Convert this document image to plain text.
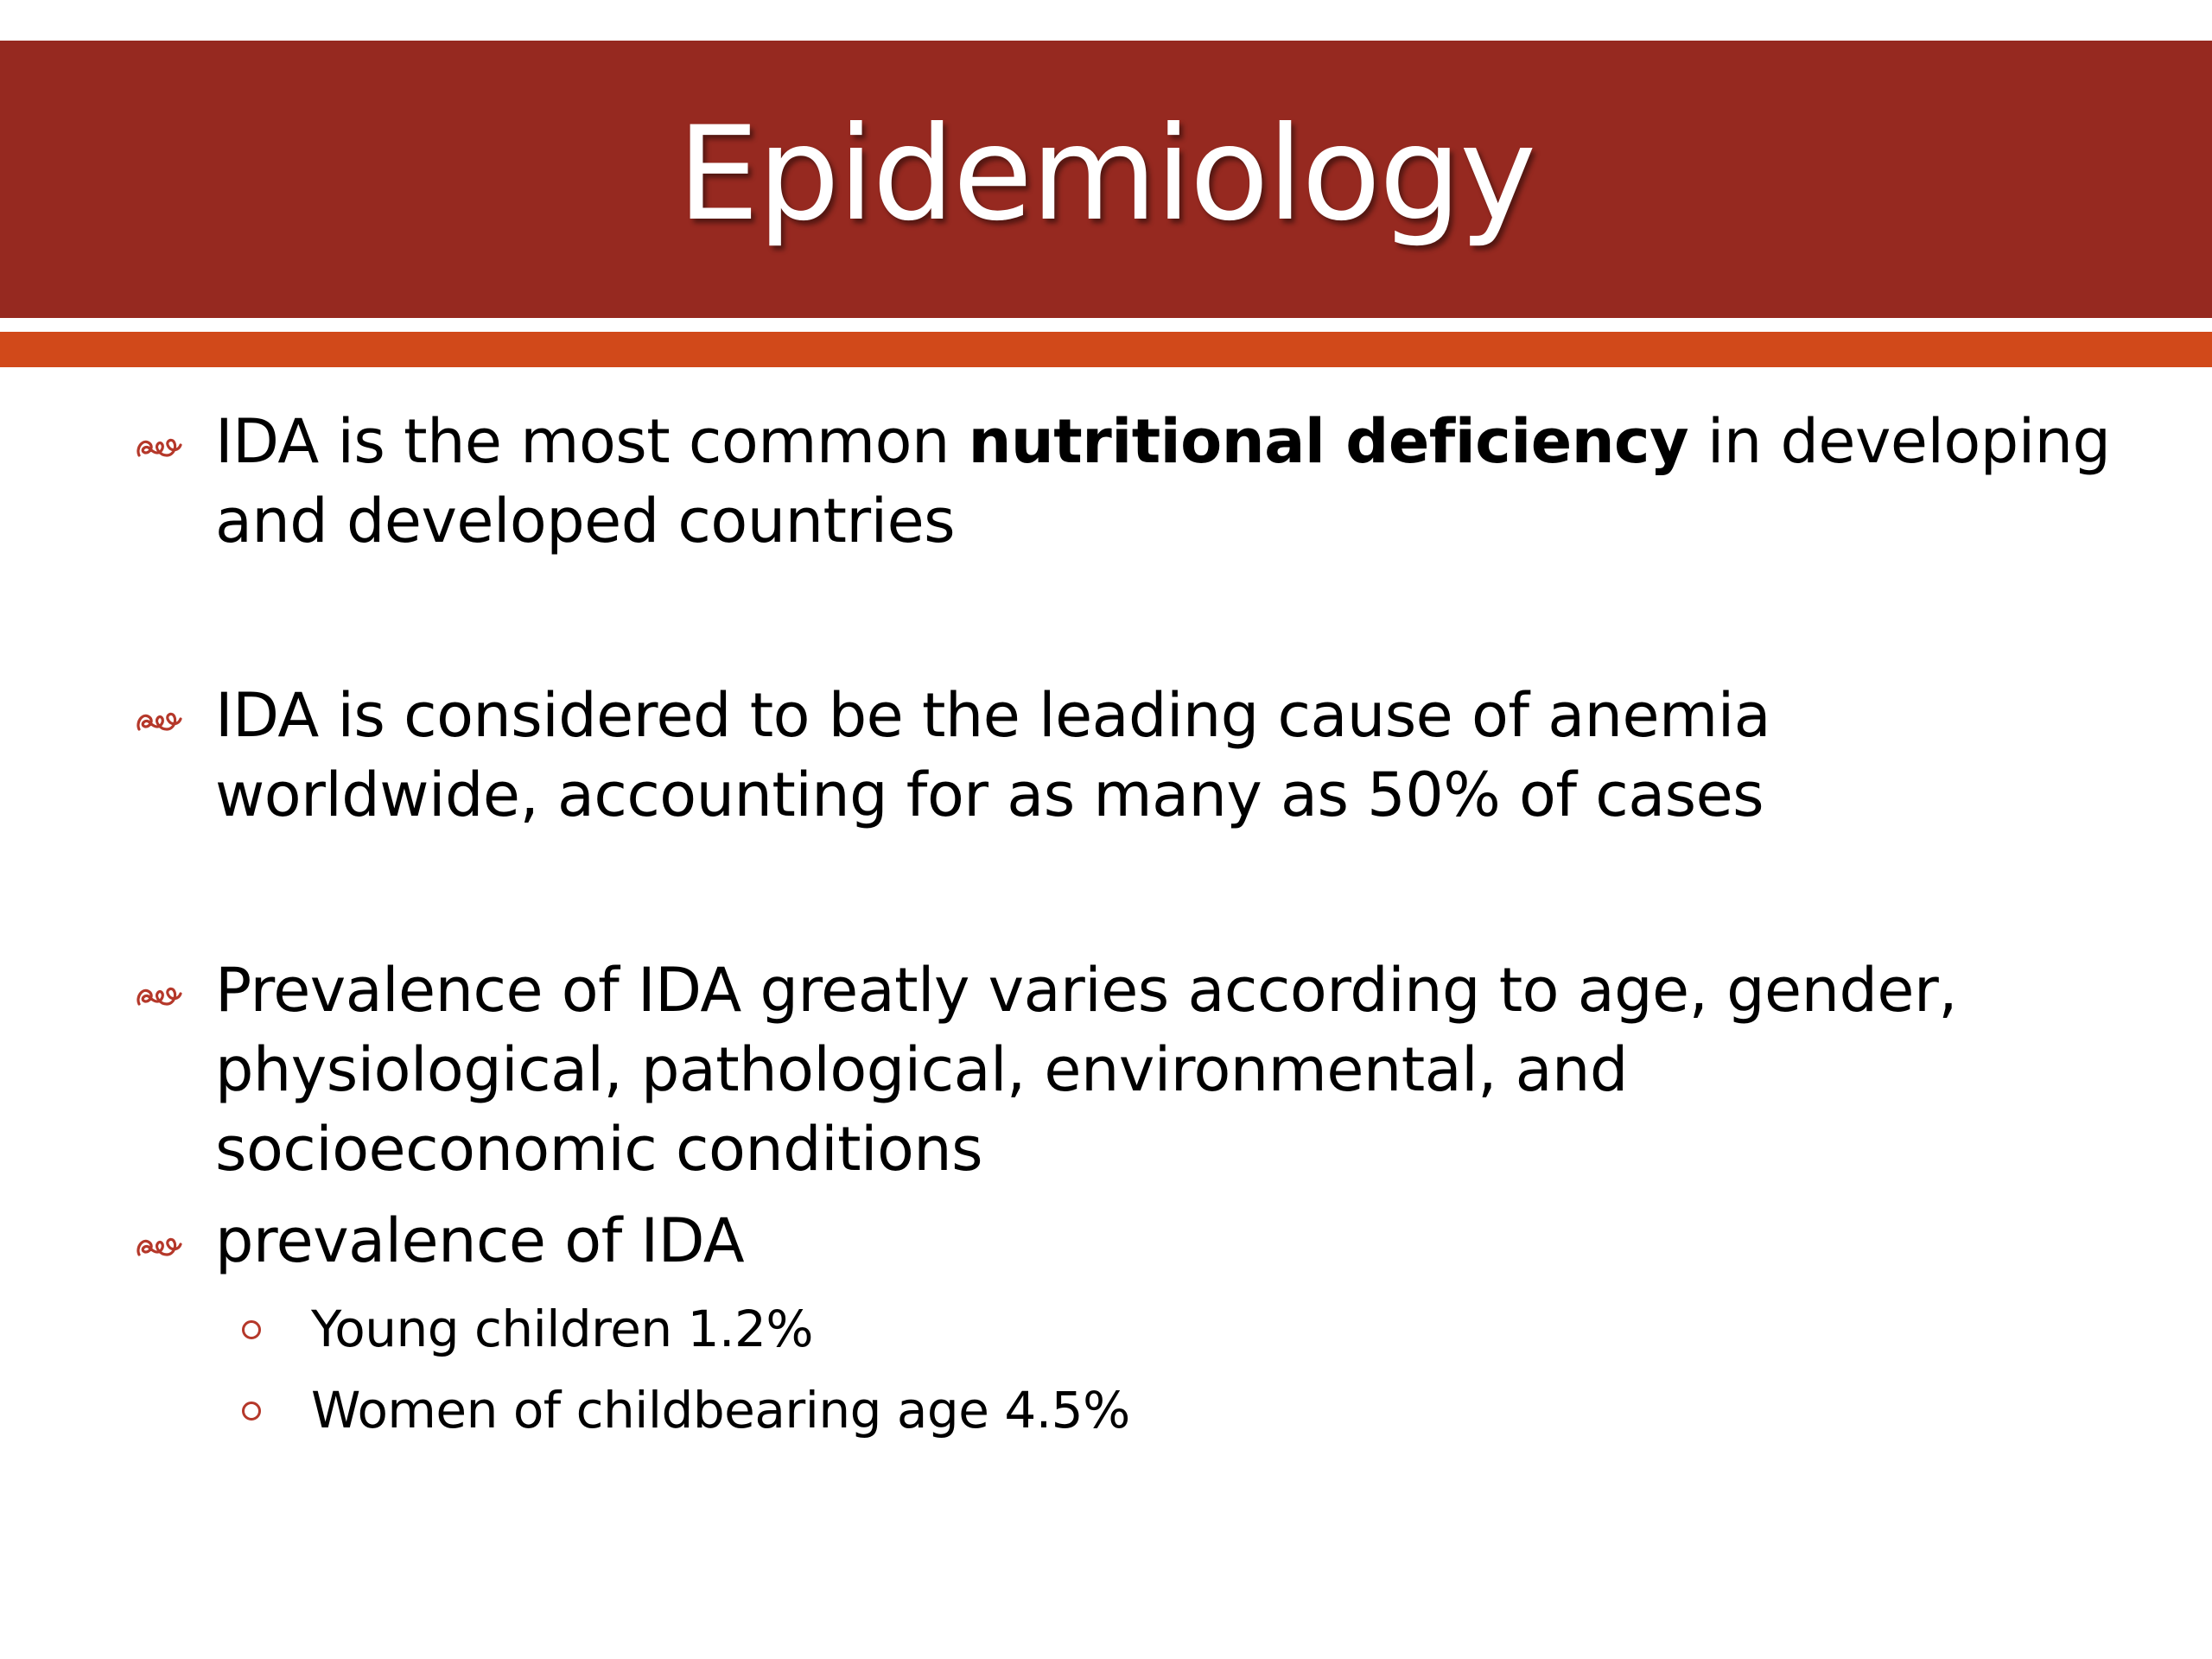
Epidemiology
IDA is the most common nutritional deficiency in developing
and developed countries
IDA is considered to be the leading cause of anemia
worldwide, accounting for as many as 50% of cases
Prevalence of IDA greatly varies according to age, gender,
physiological, pathological, environmental, and
socioeconomic conditions
prevalence of IDA
Young children 1.2%
Women of childbearing age 4.5%
